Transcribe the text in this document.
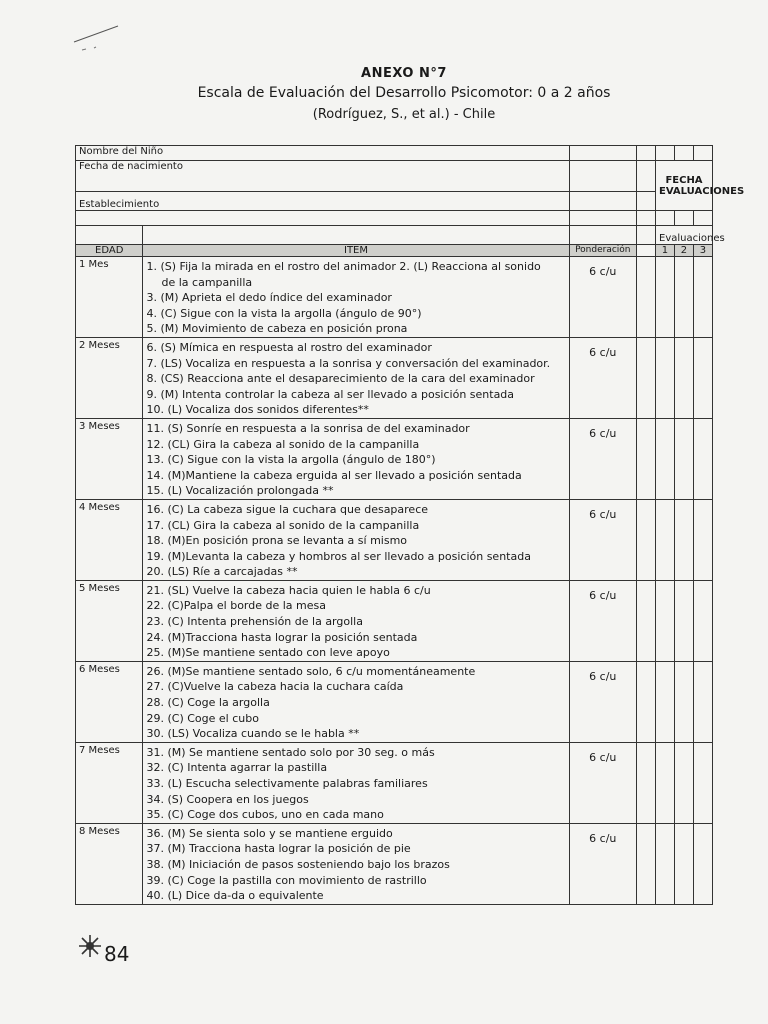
ANEXO N°7
Escala de Evaluación del Desarrollo Psicomotor: 0 a 2 años
(Rodríguez, S., et al.) - Chile
Nombre del Niño						
Fecha de nacimiento				FECHA EVALUACIONES		
Establecimiento						

				Evaluaciones		
EDAD	ITEM	Ponderación		1	2	3
1 Mes	1. (S) Fija la mirada en el rostro del animador 2. (L) Reacciona al sonido
de la campanilla
3. (M) Aprieta el dedo índice del examinador
4. (C) Sigue con la vista la argolla (ángulo de 90°)
5. (M) Movimiento de cabeza en posición prona	6 c/u				
2 Meses	6. (S) Mímica en respuesta al rostro del examinador
7. (LS) Vocaliza en respuesta a la sonrisa y conversación del examinador.
8. (CS) Reacciona ante el desaparecimiento de la cara del examinador
9. (M) Intenta controlar la cabeza al ser llevado a posición sentada
10. (L) Vocaliza dos sonidos diferentes**	6 c/u				
3 Meses	11. (S) Sonríe en respuesta a la sonrisa de del examinador
12. (CL) Gira la cabeza al sonido de la campanilla
13. (C) Sigue con la vista la argolla (ángulo de 180°)
14. (M)Mantiene la cabeza erguida al ser llevado a posición sentada
15. (L) Vocalización prolongada **	6 c/u				
4 Meses	16. (C) La cabeza sigue la cuchara que desaparece
17. (CL) Gira la cabeza al sonido de la campanilla
18. (M)En posición prona se levanta a sí mismo
19. (M)Levanta la cabeza y hombros al ser llevado a posición sentada
20. (LS) Ríe a carcajadas **	6 c/u				
5 Meses	21. (SL) Vuelve la cabeza hacia quien le habla 6 c/u
22. (C)Palpa el borde de la mesa
23. (C) Intenta prehensión de la argolla
24. (M)Tracciona hasta lograr la posición sentada
25. (M)Se mantiene sentado con leve apoyo	6 c/u				
6 Meses	26. (M)Se mantiene sentado solo, 6 c/u momentáneamente
27. (C)Vuelve la cabeza hacia la cuchara caída
28. (C) Coge la argolla
29. (C) Coge el cubo
30. (LS) Vocaliza cuando se le habla **	6 c/u				
7 Meses	31. (M) Se mantiene sentado solo por 30 seg. o más
32. (C) Intenta agarrar la pastilla
33. (L) Escucha selectivamente palabras familiares
34. (S) Coopera en los juegos
35. (C) Coge dos cubos, uno en cada mano	6 c/u				
8 Meses	36. (M) Se sienta solo y se mantiene erguido
37. (M) Tracciona hasta lograr la posición de pie
38. (M) Iniciación de pasos sosteniendo bajo los brazos
39. (C) Coge la pastilla con movimiento de rastrillo
40. (L) Dice da-da o equivalente	6 c/u				
84
